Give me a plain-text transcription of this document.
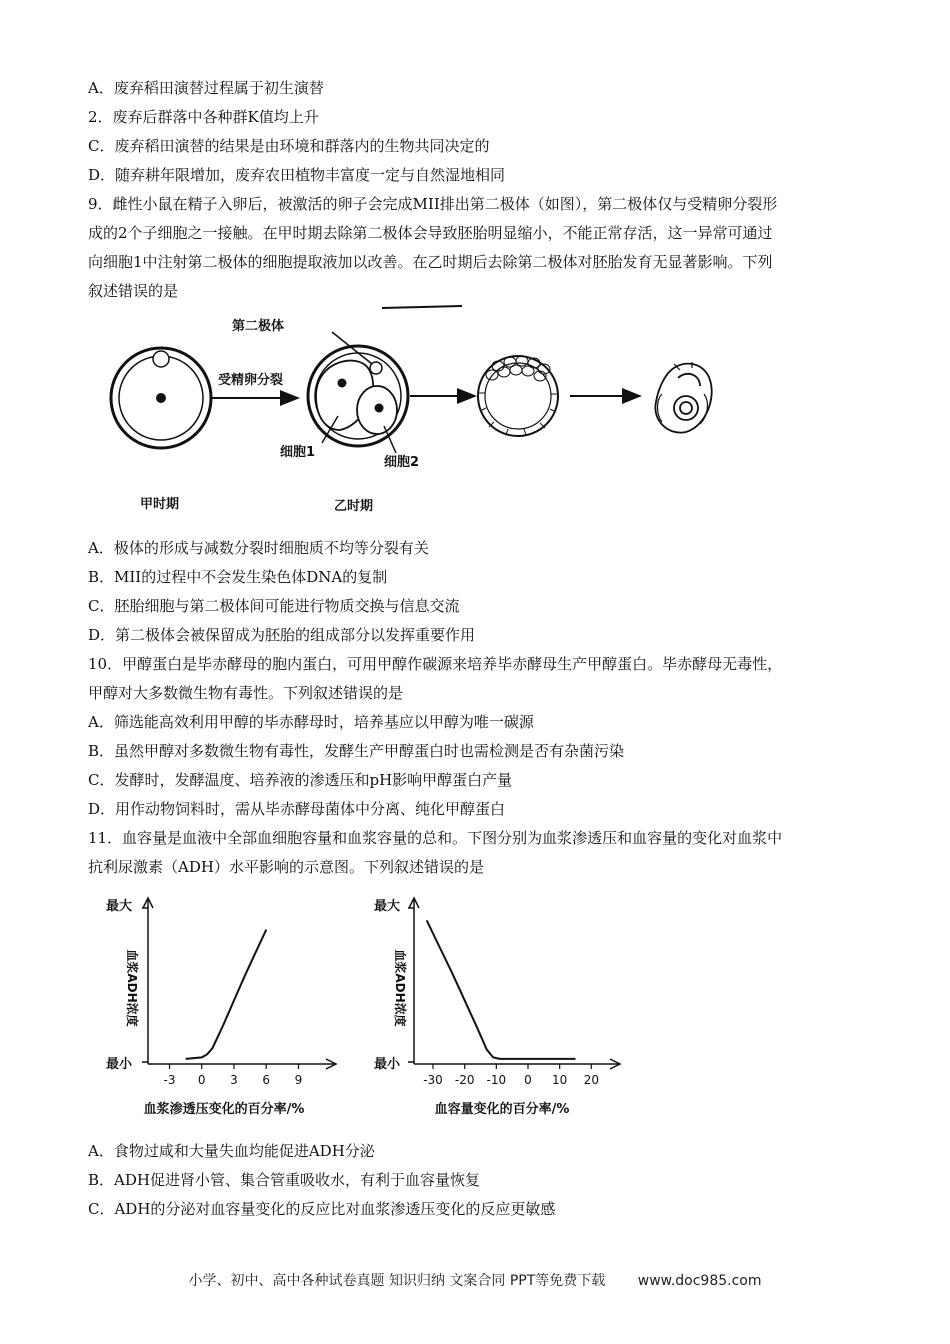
A．废弃稻田演替过程属于初生演替
2．废弃后群落中各种群K值均上升
C．废弃稻田演替的结果是由环境和群落内的生物共同决定的
D．随弃耕年限增加，废弃农田植物丰富度一定与自然湿地相同
9．雌性小鼠在精子入卵后，被激活的卵子会完成MII排出第二极体（如图），第二极体仅与受精卵分裂形
成的2个子细胞之一接触。在甲时期去除第二极体会导致胚胎明显缩小，不能正常存活，这一异常可通过
向细胞1中注射第二极体的细胞提取液加以改善。在乙时期后去除第二极体对胚胎发育无显著影响。下列
叙述错误的是
受精卵分裂
第二极体
细胞1
细胞2
甲时期	乙时期
A．极体的形成与减数分裂时细胞质不均等分裂有关
B．MII的过程中不会发生染色体DNA的复制
C．胚胎细胞与第二极体间可能进行物质交换与信息交流
D．第二极体会被保留成为胚胎的组成部分以发挥重要作用
10．甲醇蛋白是毕赤酵母的胞内蛋白，可用甲醇作碳源来培养毕赤酵母生产甲醇蛋白。毕赤酵母无毒性，
甲醇对大多数微生物有毒性。下列叙述错误的是
A．筛选能高效利用甲醇的毕赤酵母时，培养基应以甲醇为唯一碳源
B．虽然甲醇对多数微生物有毒性，发酵生产甲醇蛋白时也需检测是否有杂菌污染
C．发酵时，发酵温度、培养液的渗透压和pH影响甲醇蛋白产量
D．用作动物饲料时，需从毕赤酵母菌体中分离、纯化甲醇蛋白
11．血容量是血液中全部血细胞容量和血浆容量的总和。下图分别为血浆渗透压和血容量的变化对血浆中
抗利尿激素（ADH）水平影响的示意图。下列叙述错误的是
最大
最小
血浆ADH浓度
血浆渗透压变化的百分率/%
-3 0 3 6 9
最大
最小
血浆ADH浓度
血容量变化的百分率/%
-30 -20 -10 0 10 20
A．食物过咸和大量失血均能促进ADH分泌
B．ADH促进肾小管、集合管重吸收水，有利于血容量恢复
C．ADH的分泌对血容量变化的反应比对血浆渗透压变化的反应更敏感
小学、初中、高中各种试卷真题 知识归纳 文案合同 PPT等免费下载 www.doc985.com
